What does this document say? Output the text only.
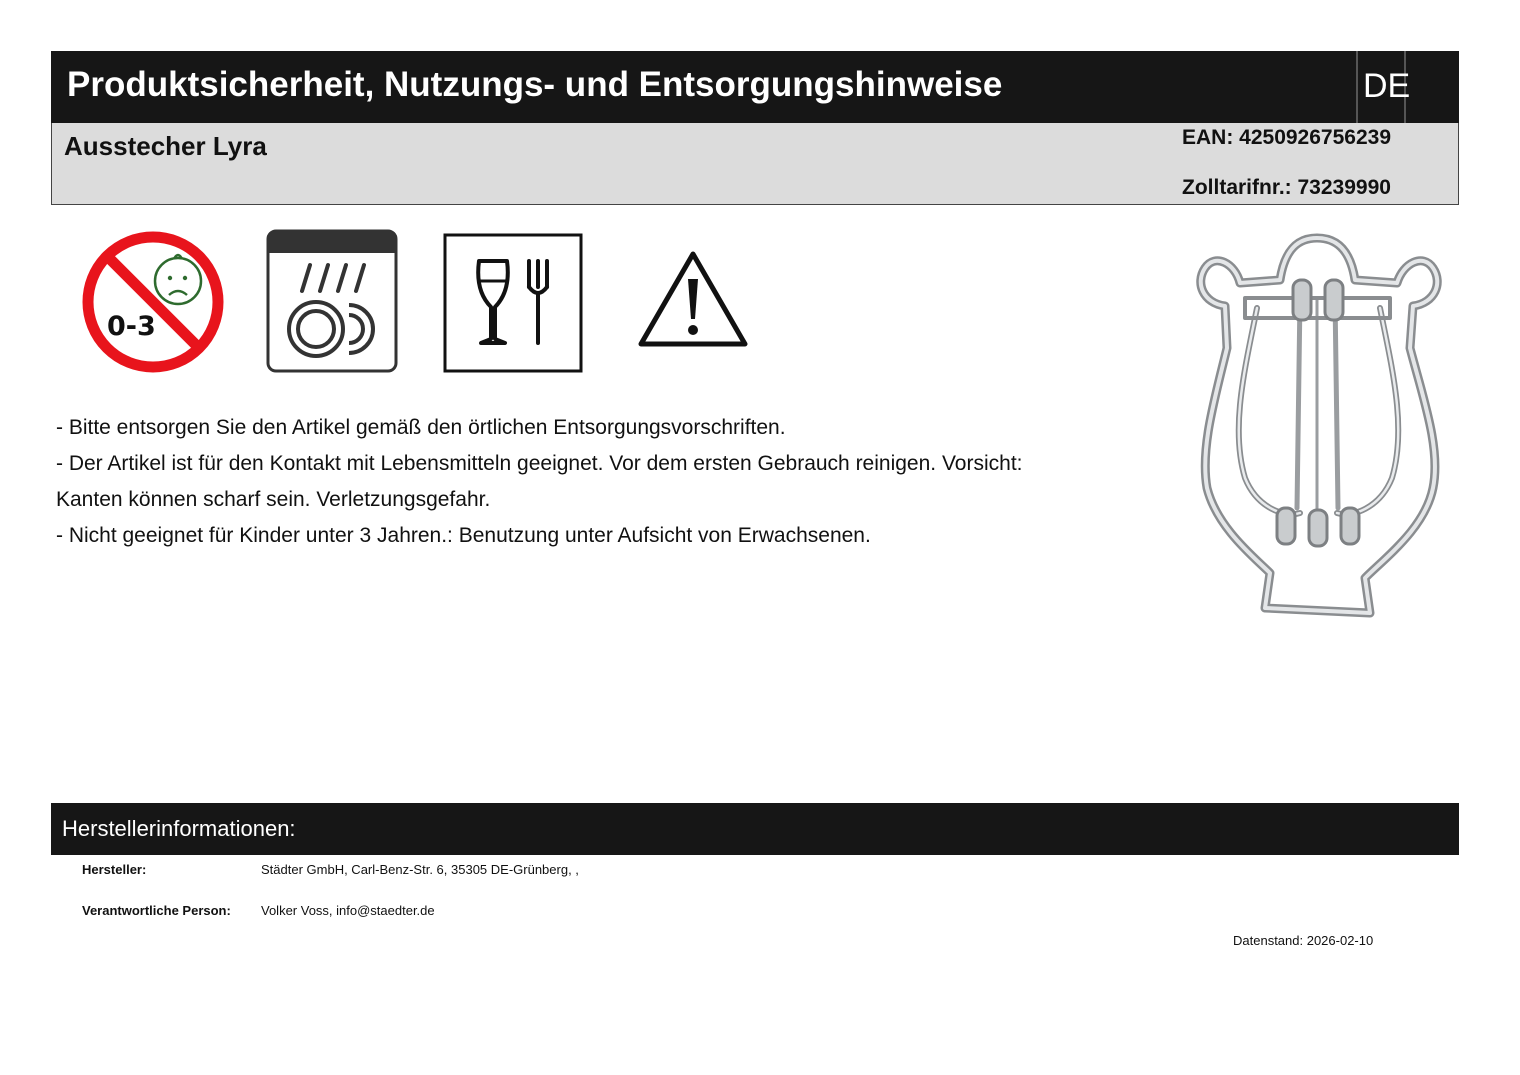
Produktsicherheit, Nutzungs- und Entsorgungshinweise	DE
Ausstecher Lyra	EAN: 4250926756239
Zolltarifnr.: 73239990
0-3
- Bitte entsorgen Sie den Artikel gemäß den örtlichen Entsorgungsvorschriften.
- Der Artikel ist für den Kontakt mit Lebensmitteln geeignet. Vor dem ersten Gebrauch reinigen. Vorsicht:
Kanten können scharf sein. Verletzungsgefahr.
- Nicht geeignet für Kinder unter 3 Jahren.: Benutzung unter Aufsicht von Erwachsenen.
Herstellerinformationen:
Hersteller:	Städter GmbH, Carl-Benz-Str. 6, 35305 DE-Grünberg, ,
Verantwortliche Person: Volker Voss, info@staedter.de
Datenstand: 2026-02-10
